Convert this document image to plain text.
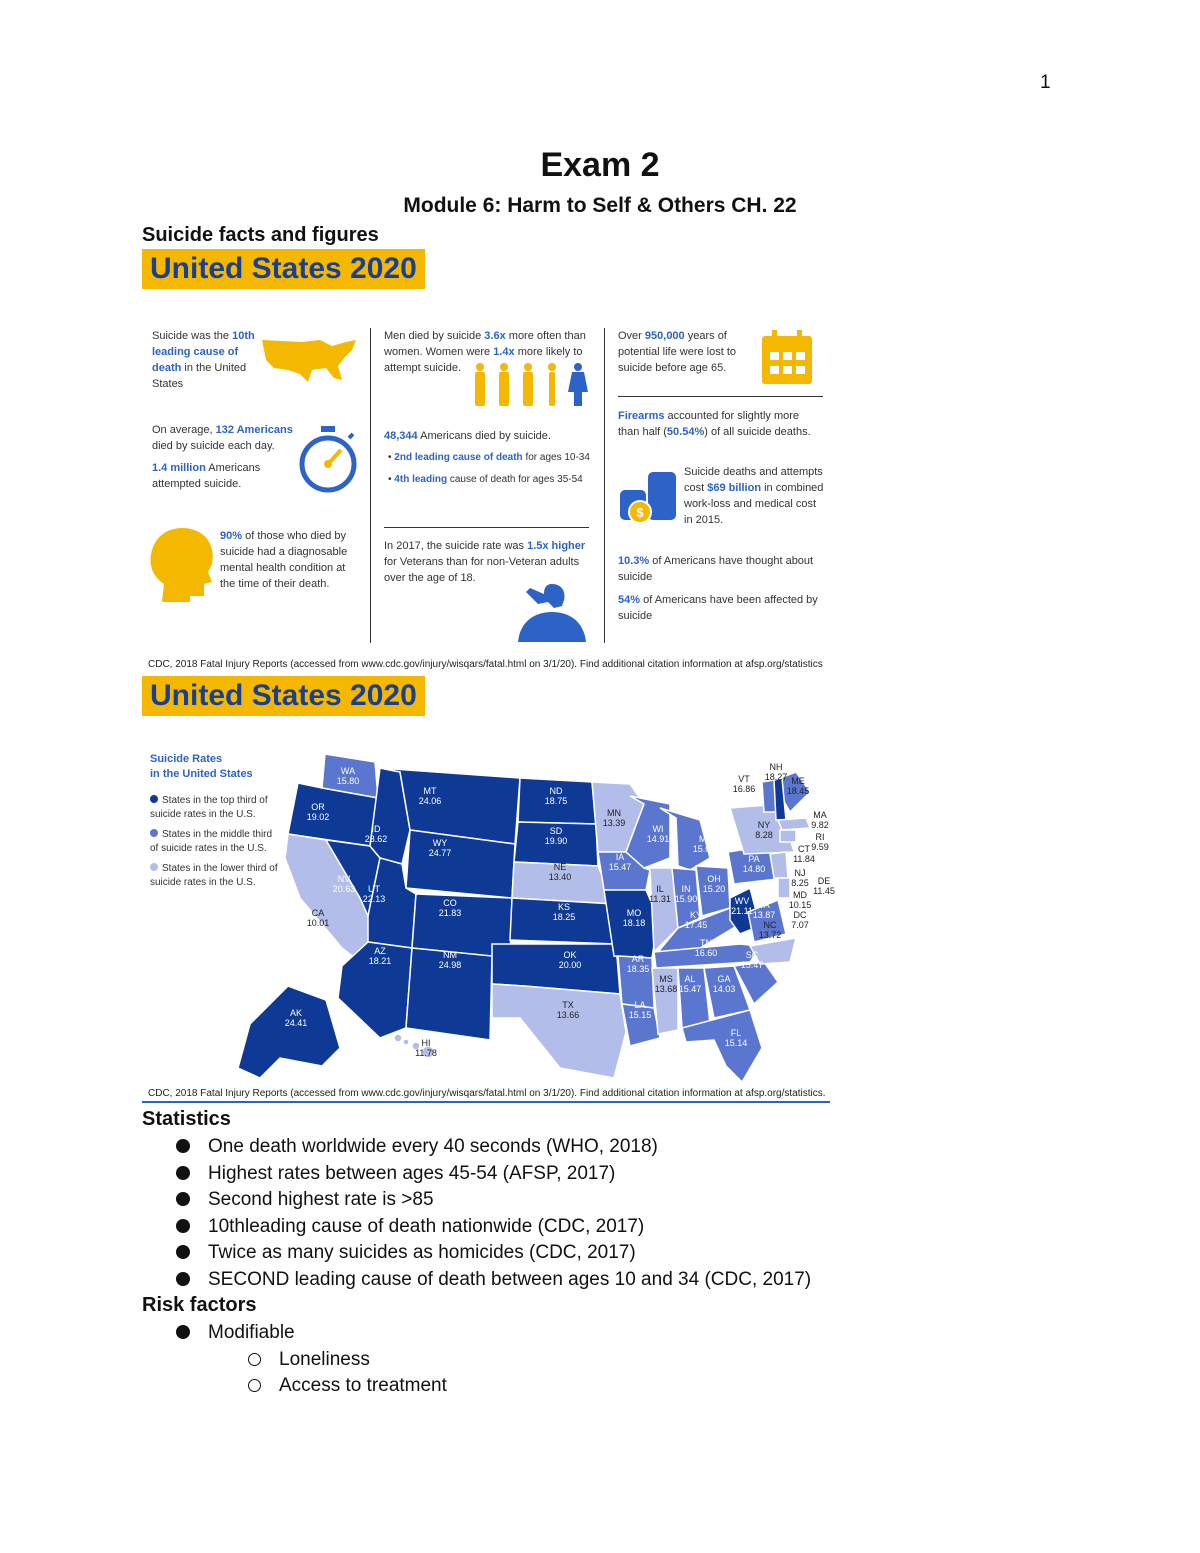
1
Exam 2
Module 6: Harm to Self & Others CH. 22
Suicide facts and figures
United States 2020
Suicide was the 10th leading cause of death in the United States
On average, 132 Americans died by suicide each day.
1.4 million Americans attempted suicide.
90% of those who died by suicide had a diagnosable mental health condition at the time of their death.
Men died by suicide 3.6x more often than women. Women were 1.4x more likely to attempt suicide.
48,344 Americans died by suicide.
• 2nd leading cause of death for ages 10-34
• 4th leading cause of death for ages 35-54
In 2017, the suicide rate was 1.5x higher for Veterans than for non-Veteran adults over the age of 18.
Over 950,000 years of potential life were lost to suicide before age 65.
Firearms accounted for slightly more than half (50.54%) of all suicide deaths.
$
Suicide deaths and attempts cost $69 billion in combined work-loss and medical cost in 2015.
10.3% of Americans have thought about suicide
54% of Americans have been affected by suicide
CDC, 2018 Fatal Injury Reports (accessed from www.cdc.gov/injury/wisqars/fatal.html on 3/1/20). Find additional citation information at afsp.org/statistics
United States 2020
Suicide Rates
in the United States
States in the top third of suicide rates in the U.S.
States in the middle third of suicide rates in the U.S.
States in the lower third of suicide rates in the U.S.
WA
15.80
OR
19.02
CA
10.01
NV
20.63
ID
23.62
MT
24.06
WY
24.77
UT
22.13	CO
21.83
AZ
18.21
NM
24.98
ND
18.75
SD
19.90
NE
13.40
KS
18.25
OK
20.00
TX
13.66
MN
13.39
IA
15.47
MO
18.18
AR
18.35
LA
15.15
WI
14.91
IL
11.31
MI
15.06
IN
15.90
OH
15.20
KY
17.45
TN
16.60
MS
13.68
AL
15.47
GA
14.03
FL
15.14
SC
15.47
NC
13.72
VA
13.87
WV
21.11
PA
14.80
NY
8.28
ME
18.45
AK
24.41
HI
11.78
NH
18.27
VT
16.86
MA
9.82
RI
9.59
CT
11.84
NJ
8.25 DE
11.45
MD
10.15
DC
7.07
CDC, 2018 Fatal Injury Reports (accessed from www.cdc.gov/injury/wisqars/fatal.html on 3/1/20). Find additional citation information at afsp.org/statistics.
Statistics
One death worldwide every 40 seconds (WHO, 2018)
Highest rates between ages 45-54 (AFSP, 2017)
Second highest rate is >85
10thleading cause of death nationwide (CDC, 2017)
Twice as many suicides as homicides (CDC, 2017)
SECOND leading cause of death between ages 10 and 34 (CDC, 2017)
Risk factors
Modifiable
Loneliness
Access to treatment
